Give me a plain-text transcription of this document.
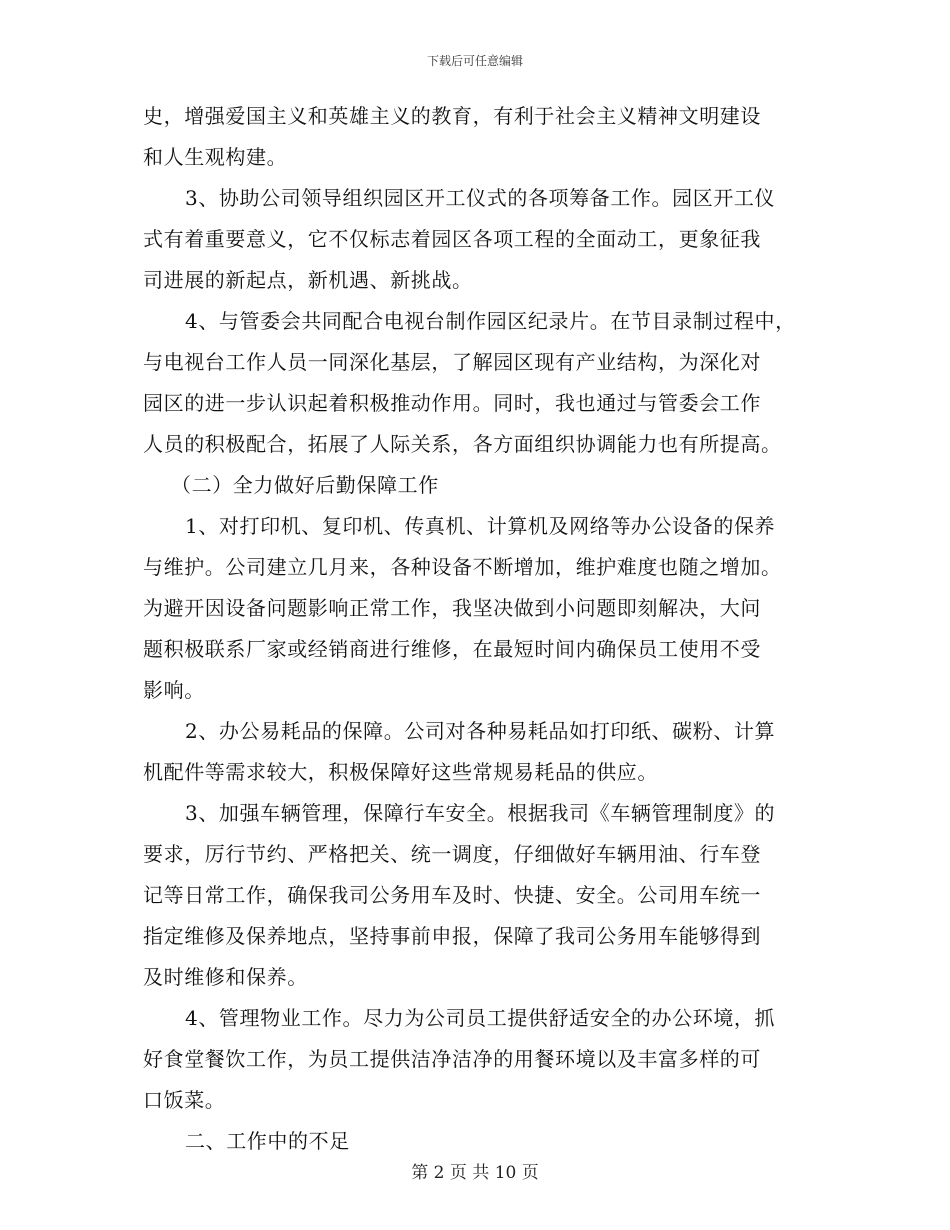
下载后可任意编辑
史，增强爱国主义和英雄主义的教育，有利于社会主义精神文明建设
和人生观构建。
3、协助公司领导组织园区开工仪式的各项筹备工作。园区开工仪
式有着重要意义，它不仅标志着园区各项工程的全面动工，更象征我
司进展的新起点，新机遇、新挑战。
4、与管委会共同配合电视台制作园区纪录片。在节目录制过程中，
与电视台工作人员一同深化基层，了解园区现有产业结构，为深化对
园区的进一步认识起着积极推动作用。同时，我也通过与管委会工作
人员的积极配合，拓展了人际关系，各方面组织协调能力也有所提高。
（二）全力做好后勤保障工作
1、对打印机、复印机、传真机、计算机及网络等办公设备的保养
与维护。公司建立几月来，各种设备不断增加，维护难度也随之增加。
为避开因设备问题影响正常工作，我坚决做到小问题即刻解决，大问
题积极联系厂家或经销商进行维修，在最短时间内确保员工使用不受
影响。
2、办公易耗品的保障。公司对各种易耗品如打印纸、碳粉、计算
机配件等需求较大，积极保障好这些常规易耗品的供应。
3、加强车辆管理，保障行车安全。根据我司《车辆管理制度》的
要求，厉行节约、严格把关、统一调度，仔细做好车辆用油、行车登
记等日常工作，确保我司公务用车及时、快捷、安全。公司用车统一
指定维修及保养地点，坚持事前申报，保障了我司公务用车能够得到
及时维修和保养。
4、管理物业工作。尽力为公司员工提供舒适安全的办公环境，抓
好食堂餐饮工作，为员工提供洁净洁净的用餐环境以及丰富多样的可
口饭菜。
二、工作中的不足
第 2 页 共 10 页
